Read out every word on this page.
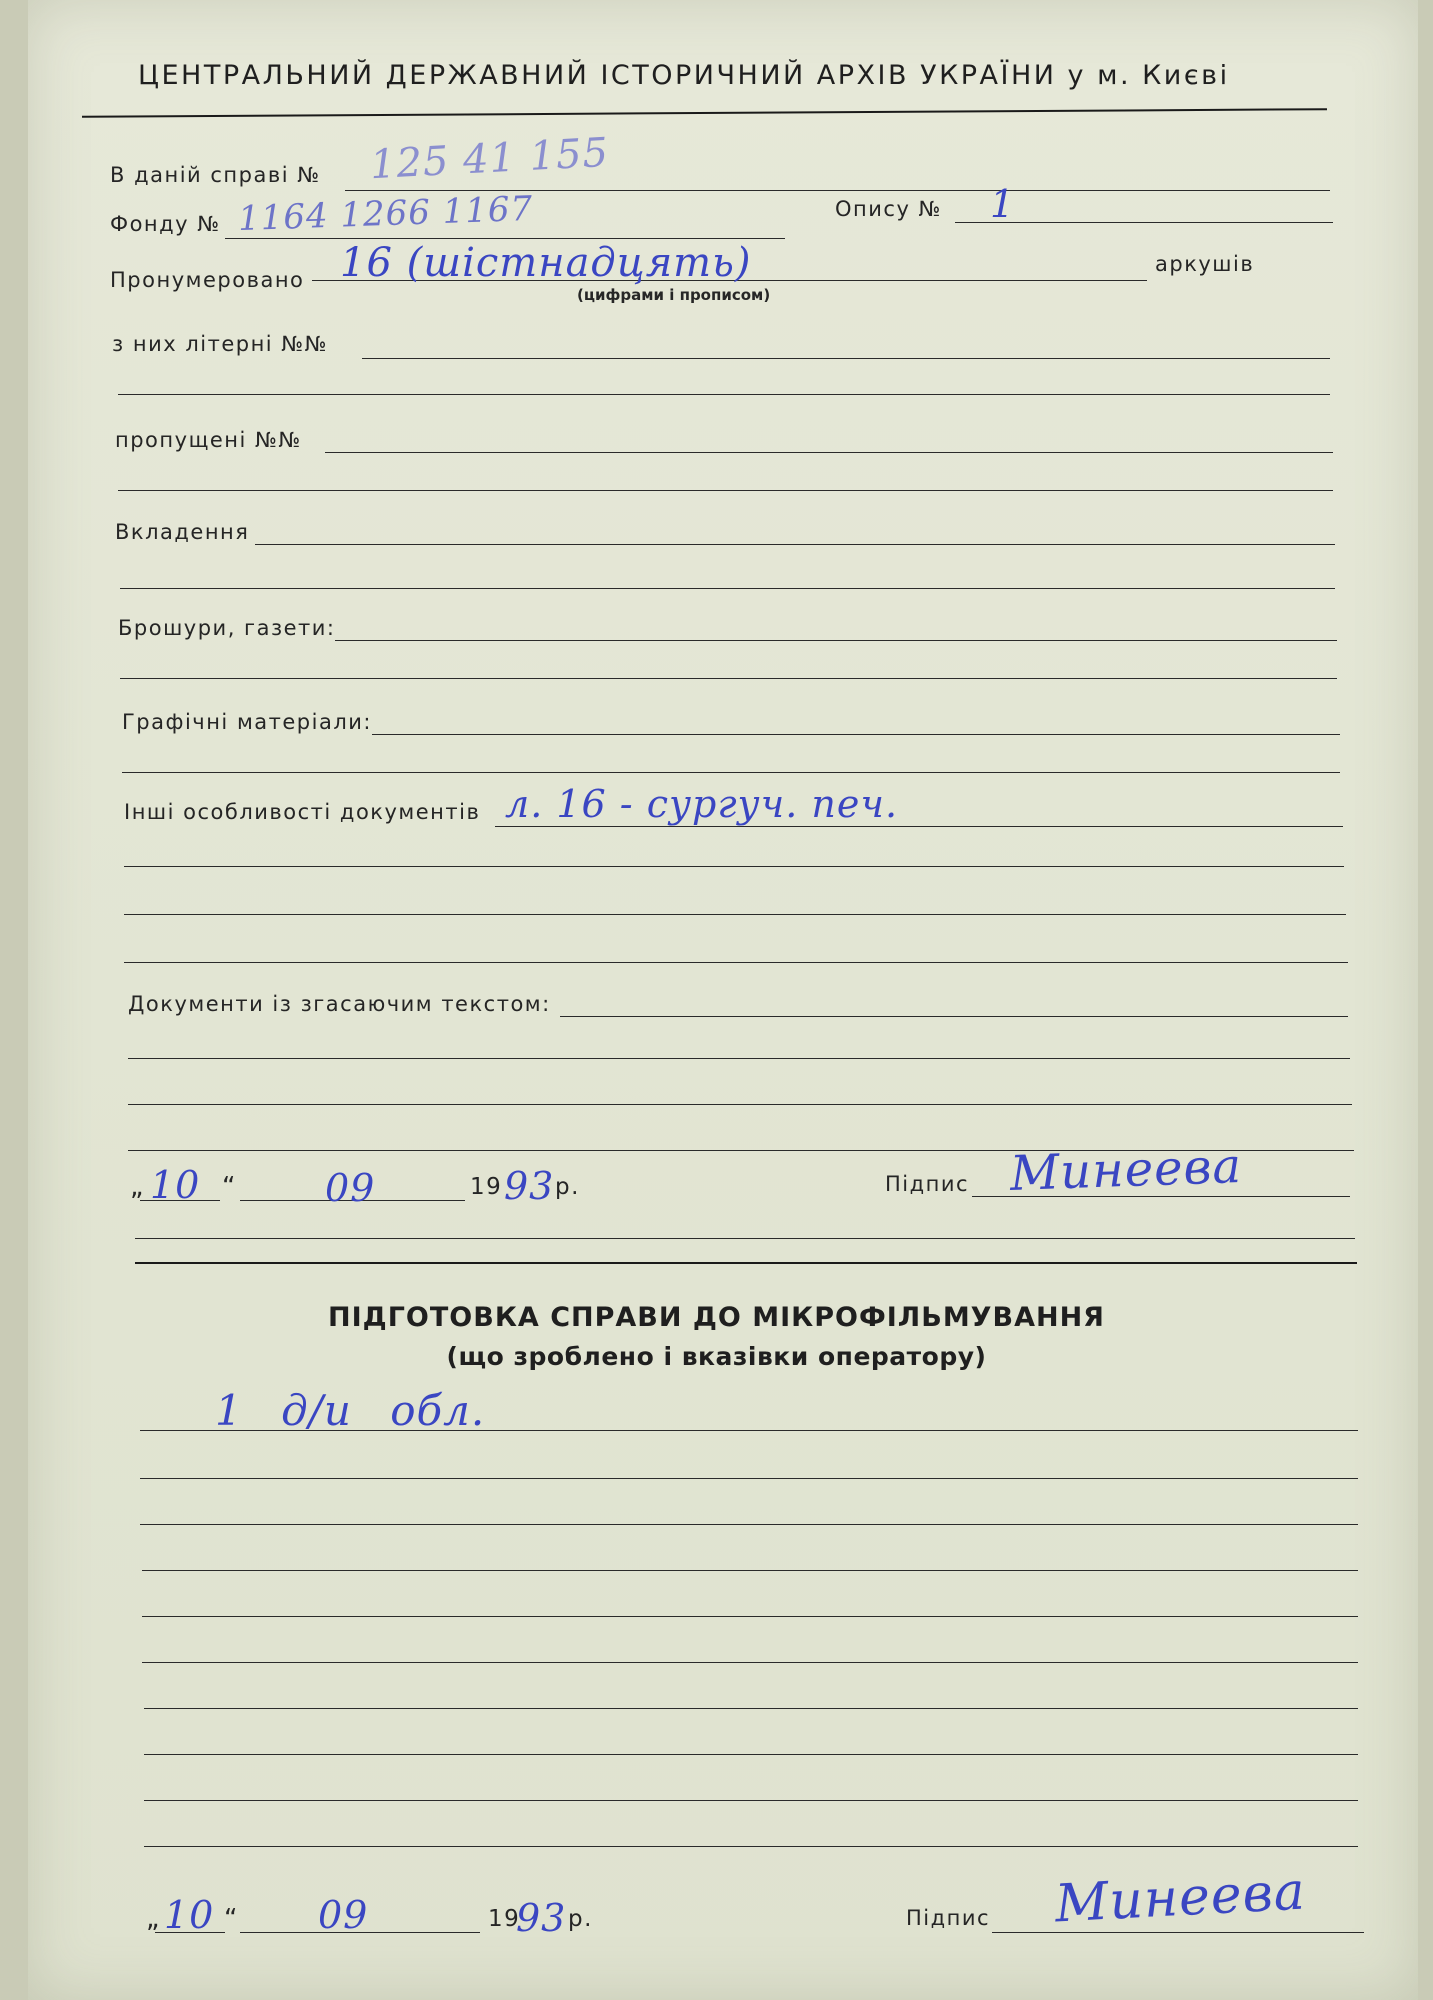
ЦЕНТРАЛЬНИЙ ДЕРЖАВНИЙ ІСТОРИЧНИЙ АРХІВ УКРАЇНИ у м. Києві
В даній справі № 125 41 155
Фонду № 1164 1266 1167	Опису № 1
Пронумеровано 16 (шістнадцять)
(цифрами і прописом)
аркушів
з них літерні №№
пропущені №№
Вкладення
Брошури, газети:
Графічні матеріали:
Інші особливості документів л. 16 - сургуч. печ.
Документи із згасаючим текстом:
„ 10 “ 09	19 93 р.	Підпис Минеева
ПІДГОТОВКА СПРАВИ ДО МІКРОФІЛЬМУВАННЯ
(що зроблено і вказівки оператору)
1 д/и обл.
„ 10 “ 09	19
93 р.	Підпис Минеева
